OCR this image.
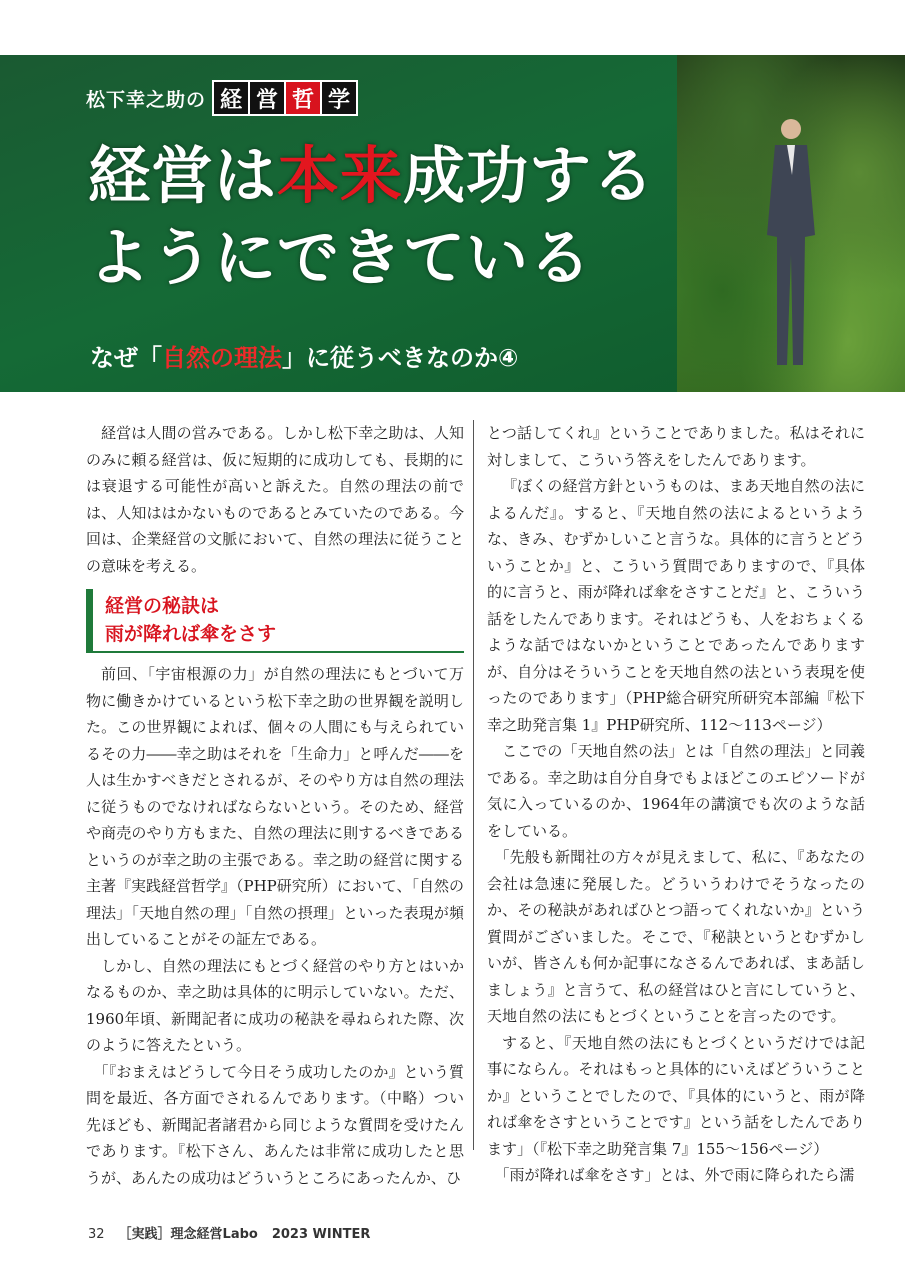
松下幸之助の 経 営 哲 学
経営は本来成功する
ようにできている
なぜ「自然の理法」に従うべきなのか④

経営は人間の営みである。しかし松下幸之助は、人知のみに頼る経営は、仮に短期的に成功しても、長期的には衰退する可能性が高いと訴えた。自然の理法の前では、人知ははかないものであるとみていたのである。今回は、企業経営の文脈において、自然の理法に従うことの意味を考える。

経営の秘訣は
雨が降れば傘をさす

前回、「宇宙根源の力」が自然の理法にもとづいて万物に働きかけているという松下幸之助の世界観を説明した。この世界観によれば、個々の人間にも与えられているその力――幸之助はそれを「生命力」と呼んだ――を人は生かすべきだとされるが、そのやり方は自然の理法に従うものでなければならないという。そのため、経営や商売のやり方もまた、自然の理法に則するべきであるというのが幸之助の主張である。幸之助の経営に関する主著『実践経営哲学』（PHP研究所）において、「自然の理法」「天地自然の理」「自然の摂理」といった表現が頻出していることがその証左である。

しかし、自然の理法にもとづく経営のやり方とはいかなるものか、幸之助は具体的に明示していない。ただ、1960年頃、新聞記者に成功の秘訣を尋ねられた際、次のように答えたという。

「『おまえはどうして今日そう成功したのか』という質問を最近、各方面でされるんであります。（中略）つい先ほども、新聞記者諸君から同じような質問を受けたんであります。『松下さん、あんたは非常に成功したと思うが、あんたの成功はどういうところにあったんか、ひ

とつ話してくれ』ということでありました。私はそれに対しまして、こういう答えをしたんであります。

『ぼくの経営方針というものは、まあ天地自然の法によるんだ』。すると、『天地自然の法によるというような、きみ、むずかしいこと言うな。具体的に言うとどういうことか』と、こういう質問でありますので、『具体的に言うと、雨が降れば傘をさすことだ』と、こういう話をしたんであります。それはどうも、人をおちょくるような話ではないかということであったんでありますが、自分はそういうことを天地自然の法という表現を使ったのであります」（PHP総合研究所研究本部編『松下幸之助発言集 1』PHP研究所、112～113ページ）

ここでの「天地自然の法」とは「自然の理法」と同義である。幸之助は自分自身でもよほどこのエピソードが気に入っているのか、1964年の講演でも次のような話をしている。

「先般も新聞社の方々が見えまして、私に、『あなたの会社は急速に発展した。どういうわけでそうなったのか、その秘訣があればひとつ語ってくれないか』という質問がございました。そこで、『秘訣というとむずかしいが、皆さんも何か記事になさるんであれば、まあ話しましょう』と言うて、私の経営はひと言にしていうと、天地自然の法にもとづくということを言ったのです。

すると、『天地自然の法にもとづくというだけでは記事にならん。それはもっと具体的にいえばどういうことか』ということでしたので、『具体的にいうと、雨が降れば傘をさすということです』という話をしたんであります」（『松下幸之助発言集 7』155～156ページ）

「雨が降れば傘をさす」とは、外で雨に降られたら濡

32 ［実践］理念経営Labo 2023 WINTER
